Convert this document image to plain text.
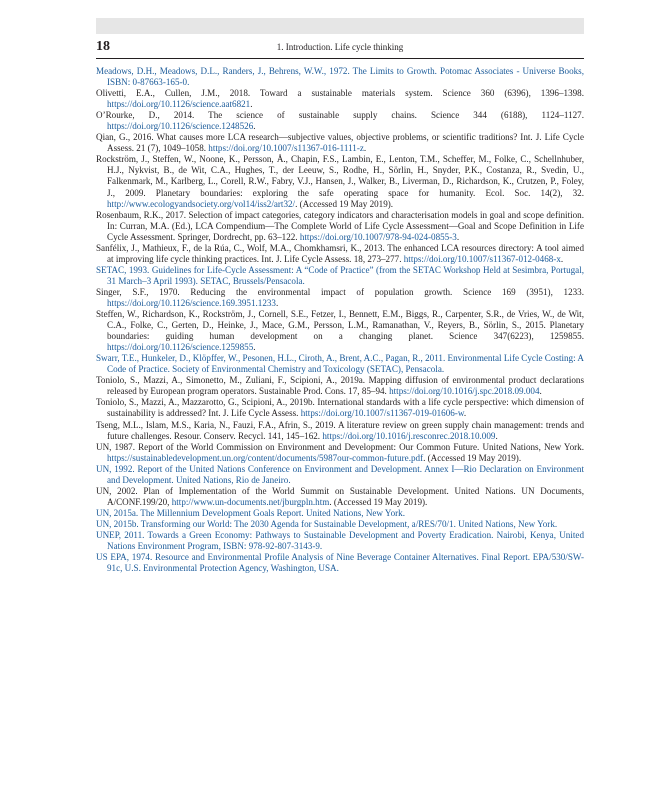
18	1. Introduction. Life cycle thinking

Meadows, D.H., Meadows, D.L., Randers, J., Behrens, W.W., 1972. The Limits to Growth. Potomac Associates - Universe Books, ISBN: 0-87663-165-0.

Olivetti, E.A., Cullen, J.M., 2018. Toward a sustainable materials system. Science 360 (6396), 1396–1398. https://doi.org/10.1126/science.aat6821.

O’Rourke, D., 2014. The science of sustainable supply chains. Science 344 (6188), 1124–1127. https://doi.org/10.1126/science.1248526.

Qian, G., 2016. What causes more LCA research—subjective values, objective problems, or scientific traditions? Int. J. Life Cycle Assess. 21 (7), 1049–1058. https://doi.org/10.1007/s11367-016-1111-z.

Rockström, J., Steffen, W., Noone, K., Persson, Å., Chapin, F.S., Lambin, E., Lenton, T.M., Scheffer, M., Folke, C., Schellnhuber, H.J., Nykvist, B., de Wit, C.A., Hughes, T., der Leeuw, S., Rodhe, H., Sörlin, H., Snyder, P.K., Costanza, R., Svedin, U., Falkenmark, M., Karlberg, L., Corell, R.W., Fabry, V.J., Hansen, J., Walker, B., Liverman, D., Richardson, K., Crutzen, P., Foley, J., 2009. Planetary boundaries: exploring the safe operating space for humanity. Ecol. Soc. 14(2), 32. http://www.ecologyandsociety.org/vol14/iss2/art32/. (Accessed 19 May 2019).

Rosenbaum, R.K., 2017. Selection of impact categories, category indicators and characterisation models in goal and scope definition. In: Curran, M.A. (Ed.), LCA Compendium—The Complete World of Life Cycle Assessment—Goal and Scope Definition in Life Cycle Assessment. Springer, Dordrecht, pp. 63–122. https://doi.org/10.1007/978-94-024-0855-3.

Sanfélix, J., Mathieux, F., de la Rúa, C., Wolf, M.A., Chomkhamsri, K., 2013. The enhanced LCA resources directory: A tool aimed at improving life cycle thinking practices. Int. J. Life Cycle Assess. 18, 273–277. https://doi.org/10.1007/s11367-012-0468-x.

SETAC, 1993. Guidelines for Life-Cycle Assessment: A “Code of Practice” (from the SETAC Workshop Held at Sesimbra, Portugal, 31 March–3 April 1993). SETAC, Brussels/Pensacola.

Singer, S.F., 1970. Reducing the environmental impact of population growth. Science 169 (3951), 1233. https://doi.org/10.1126/science.169.3951.1233.

Steffen, W., Richardson, K., Rockström, J., Cornell, S.E., Fetzer, I., Bennett, E.M., Biggs, R., Carpenter, S.R., de Vries, W., de Wit, C.A., Folke, C., Gerten, D., Heinke, J., Mace, G.M., Persson, L.M., Ramanathan, V., Reyers, B., Sörlin, S., 2015. Planetary boundaries: guiding human development on a changing planet. Science 347(6223), 1259855. https://doi.org/10.1126/science.1259855.

Swarr, T.E., Hunkeler, D., Klöpffer, W., Pesonen, H.L., Ciroth, A., Brent, A.C., Pagan, R., 2011. Environmental Life Cycle Costing: A Code of Practice. Society of Environmental Chemistry and Toxicology (SETAC), Pensacola.

Toniolo, S., Mazzi, A., Simonetto, M., Zuliani, F., Scipioni, A., 2019a. Mapping diffusion of environmental product declarations released by European program operators. Sustainable Prod. Cons. 17, 85–94. https://doi.org/10.1016/j.spc.2018.09.004.

Toniolo, S., Mazzi, A., Mazzarotto, G., Scipioni, A., 2019b. International standards with a life cycle perspective: which dimension of sustainability is addressed? Int. J. Life Cycle Assess. https://doi.org/10.1007/s11367-019-01606-w.

Tseng, M.L., Islam, M.S., Karia, N., Fauzi, F.A., Afrin, S., 2019. A literature review on green supply chain management: trends and future challenges. Resour. Conserv. Recycl. 141, 145–162. https://doi.org/10.1016/j.resconrec.2018.10.009.

UN, 1987. Report of the World Commission on Environment and Development: Our Common Future. United Nations, New York. https://sustainabledevelopment.un.org/content/documents/5987our-common-future.pdf. (Accessed 19 May 2019).

UN, 1992. Report of the United Nations Conference on Environment and Development. Annex I—Rio Declaration on Environment and Development. United Nations, Rio de Janeiro.

UN, 2002. Plan of Implementation of the World Summit on Sustainable Development. United Nations. UN Documents, A/CONF.199/20, http://www.un-documents.net/jburgpln.htm. (Accessed 19 May 2019).

UN, 2015a. The Millennium Development Goals Report. United Nations, New York.

UN, 2015b. Transforming our World: The 2030 Agenda for Sustainable Development, a/RES/70/1. United Nations, New York.

UNEP, 2011. Towards a Green Economy: Pathways to Sustainable Development and Poverty Eradication. Nairobi, Kenya, United Nations Environment Program, ISBN: 978-92-807-3143-9.

US EPA, 1974. Resource and Environmental Profile Analysis of Nine Beverage Container Alternatives. Final Report. EPA/530/SW-91c, U.S. Environmental Protection Agency, Washington, USA.
